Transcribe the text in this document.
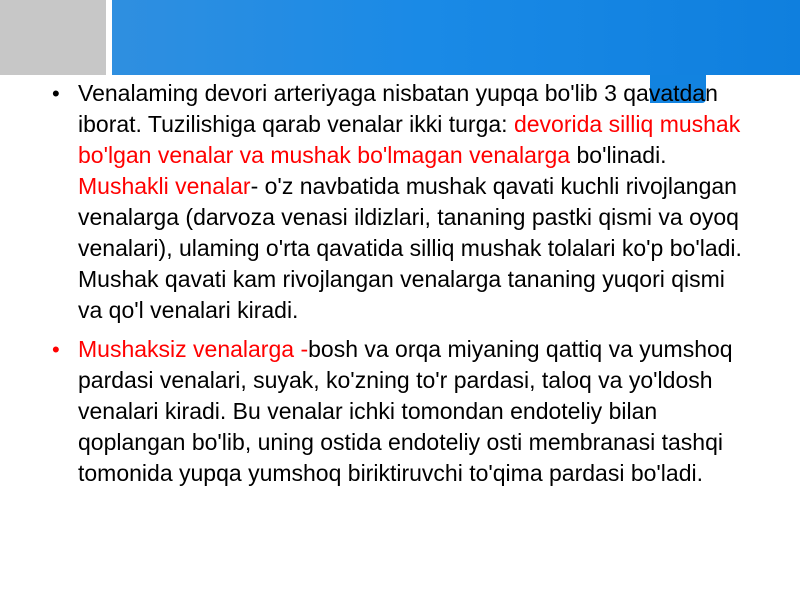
• Venalaming devori arteriyaga nisbatan yupqa bo'lib 3 qavatdan iborat. Tuzilishiga qarab venalar ikki turga: devorida silliq mushak bo'lgan venalar va mushak bo'lmagan venalarga bo'linadi. Mushakli venalar- o'z navbatida mushak qavati kuchli rivojlangan venalarga (darvoza venasi ildizlari, tananing pastki qismi va oyoq venalari), ulaming o'rta qavatida silliq mushak tolalari ko'p bo'ladi. Mushak qavati kam rivojlangan venalarga tananing yuqori qismi va qo'l venalari kiradi.
• Mushaksiz venalarga -bosh va orqa miyaning qattiq va yumshoq pardasi venalari, suyak, ko'zning to'r pardasi, taloq va yo'ldosh venalari kiradi. Bu venalar ichki tomondan endoteliy bilan qoplangan bo'lib, uning ostida endoteliy osti membranasi tashqi tomonida yupqa yumshoq biriktiruvchi to'qima pardasi bo'ladi.
